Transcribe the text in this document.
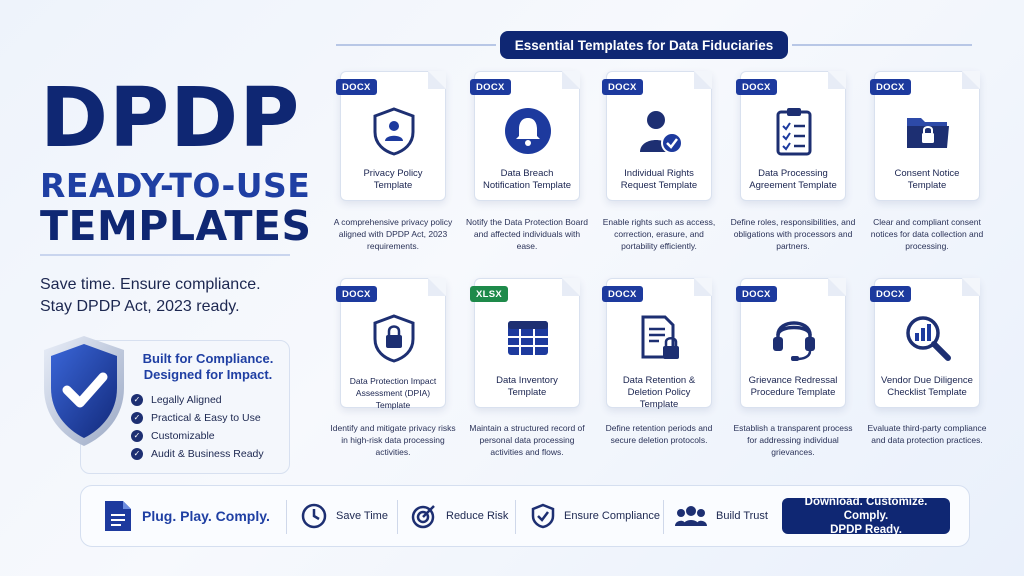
DPDP
READY-TO-USE
TEMPLATES
Save time. Ensure compliance.
Stay DPDP Act, 2023 ready.
Built for Compliance.
Designed for Impact.
✓ Legally Aligned
✓ Practical & Easy to Use
✓ Customizable
✓ Audit & Business Ready
Essential Templates for Data Fiduciaries
DOCX
Privacy Policy
Template
A comprehensive privacy policy aligned with DPDP Act, 2023 requirements.
DOCX
Data Breach
Notification Template
Notify the Data Protection Board and affected individuals with ease.
DOCX
Individual Rights
Request Template
Enable rights such as access, correction, erasure, and portability efficiently.
DOCX
Data Processing
Agreement Template
Define roles, responsibilities, and obligations with processors and partners.
DOCX
Consent Notice
Template
Clear and compliant consent notices for data collection and processing.
DOCX
Data Protection Impact
Assessment (DPIA) Template
Identify and mitigate privacy risks in high-risk data processing activities.
XLSX
Data Inventory
Template
Maintain a structured record of personal data processing activities and flows.
DOCX
Data Retention &
Deletion Policy Template
Define retention periods and secure deletion protocols.
DOCX
Grievance Redressal
Procedure Template
Establish a transparent process for addressing individual grievances.
DOCX
Vendor Due Diligence
Checklist Template
Evaluate third-party compliance and data protection practices.
Plug. Play. Comply.	Save Time	Reduce Risk	Ensure Compliance	Build Trust
Download. Customize. Comply.
DPDP Ready.
